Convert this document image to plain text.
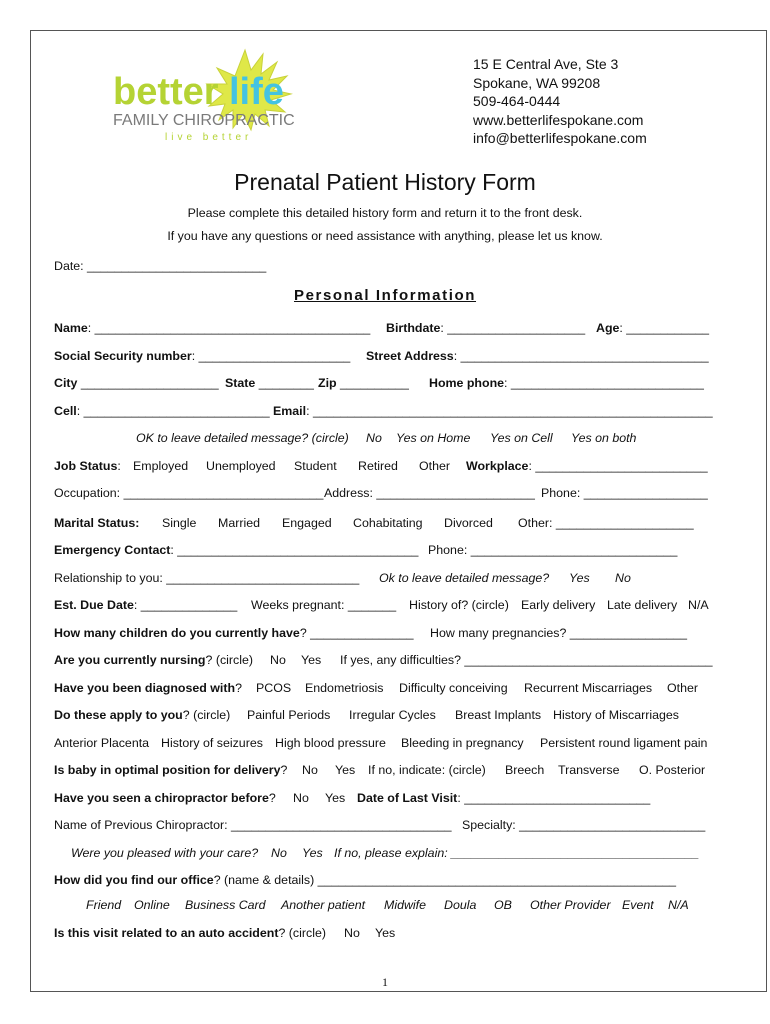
better life
FAMILY CHIROPRACTIC
live better
15 E Central Ave, Ste 3
Spokane, WA 99208
509-464-0444
www.betterlifespokane.com
info@betterlifespokane.com
Prenatal Patient History Form
Please complete this detailed history form and return it to the front desk.
If you have any questions or need assistance with anything, please let us know.
Date: __________________________
Personal Information
Name: ________________________________________ Birthdate: ____________________ Age: ____________
Social Security number: ______________________ Street Address: ____________________________________
City ____________________ State ________ Zip __________ Home phone: ____________________________
Cell: ___________________________ Email: __________________________________________________________
OK to leave detailed message? (circle) No Yes on Home Yes on Cell Yes on both
Job Status: Employed Unemployed Student Retired Other Workplace: _________________________
Occupation: _____________________________ Address: _______________________ Phone: __________________
Marital Status: Single Married Engaged Cohabitating Divorced Other: ____________________
Emergency Contact: ___________________________________ Phone: ______________________________
Relationship to you: ____________________________ Ok to leave detailed message? Yes No
Est. Due Date: ______________ Weeks pregnant: _______ History of? (circle) Early delivery Late delivery N/A
How many children do you currently have? _______________ How many pregnancies? _________________
Are you currently nursing? (circle) No Yes If yes, any difficulties? ____________________________________
Have you been diagnosed with? PCOS Endometriosis Difficulty conceiving Recurrent Miscarriages Other
Do these apply to you? (circle) Painful Periods Irregular Cycles Breast Implants History of Miscarriages
Anterior Placenta History of seizures High blood pressure Bleeding in pregnancy Persistent round ligament pain
Is baby in optimal position for delivery? No Yes If no, indicate: (circle) Breech Transverse O. Posterior
Have you seen a chiropractor before? No Yes Date of Last Visit: ___________________________
Name of Previous Chiropractor: ________________________________ Specialty: ___________________________
Were you pleased with your care? No Yes If no, please explain: ____________________________________
How did you find our office? (name & details) ____________________________________________________
Friend Online Business Card Another patient Midwife Doula OB Other Provider Event N/A
Is this visit related to an auto accident? (circle) No Yes
1
